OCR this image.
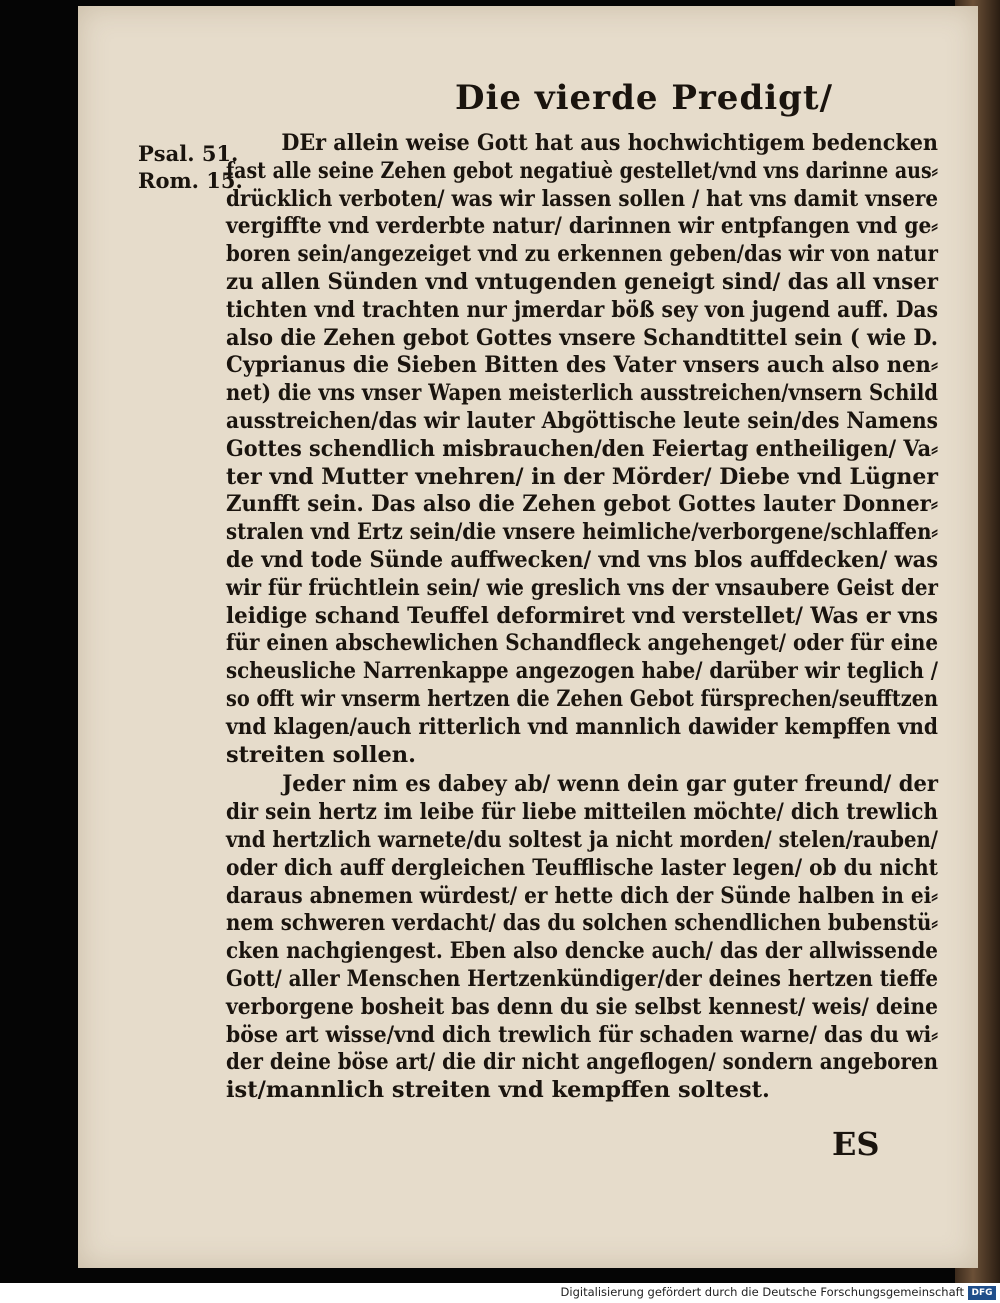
Die vierde Predigt/
Psal. 51.
Rom. 15.
DEr allein weise Gott hat aus hochwichtigem bedencken
fast alle seine Zehen gebot negatiuè gestellet/vnd vns darinne aus⸗
drücklich verboten/ was wir lassen sollen / hat vns damit vnsere
vergiffte vnd verderbte natur/ darinnen wir entpfangen vnd ge⸗
boren sein/angezeiget vnd zu erkennen geben/das wir von natur
zu allen Sünden vnd vntugenden geneigt sind/ das all vnser
tichten vnd trachten nur jmerdar böß sey von jugend auff. Das
also die Zehen gebot Gottes vnsere Schandtittel sein ( wie D.
Cyprianus die Sieben Bitten des Vater vnsers auch also nen⸗
net) die vns vnser Wapen meisterlich ausstreichen/vnsern Schild
ausstreichen/das wir lauter Abgöttische leute sein/des Namens
Gottes schendlich misbrauchen/den Feiertag entheiligen/ Va⸗
ter vnd Mutter vnehren/ in der Mörder/ Diebe vnd Lügner
Zunfft sein. Das also die Zehen gebot Gottes lauter Donner⸗
stralen vnd Ertz sein/die vnsere heimliche/verborgene/schlaffen⸗
de vnd tode Sünde auffwecken/ vnd vns blos auffdecken/ was
wir für früchtlein sein/ wie greslich vns der vnsaubere Geist der
leidige schand Teuffel deformiret vnd verstellet/ Was er vns
für einen abschewlichen Schandfleck angehenget/ oder für eine
scheusliche Narrenkappe angezogen habe/ darüber wir teglich /
so offt wir vnserm hertzen die Zehen Gebot fürsprechen/seufftzen
vnd klagen/auch ritterlich vnd mannlich dawider kempffen vnd
streiten sollen.
Jeder nim es dabey ab/ wenn dein gar guter freund/ der
dir sein hertz im leibe für liebe mitteilen möchte/ dich trewlich
vnd hertzlich warnete/du soltest ja nicht morden/ stelen/rauben/
oder dich auff dergleichen Teufflische laster legen/ ob du nicht
daraus abnemen würdest/ er hette dich der Sünde halben in ei⸗
nem schweren verdacht/ das du solchen schendlichen bubenstü⸗
cken nachgiengest. Eben also dencke auch/ das der allwissende
Gott/ aller Menschen Hertzenkündiger/der deines hertzen tieffe
verborgene bosheit bas denn du sie selbst kennest/ weis/ deine
böse art wisse/vnd dich trewlich für schaden warne/ das du wi⸗
der deine böse art/ die dir nicht angeflogen/ sondern angeboren
ist/mannlich streiten vnd kempffen soltest.
ES
Digitalisierung gefördert durch die Deutsche Forschungsgemeinschaft DFG
